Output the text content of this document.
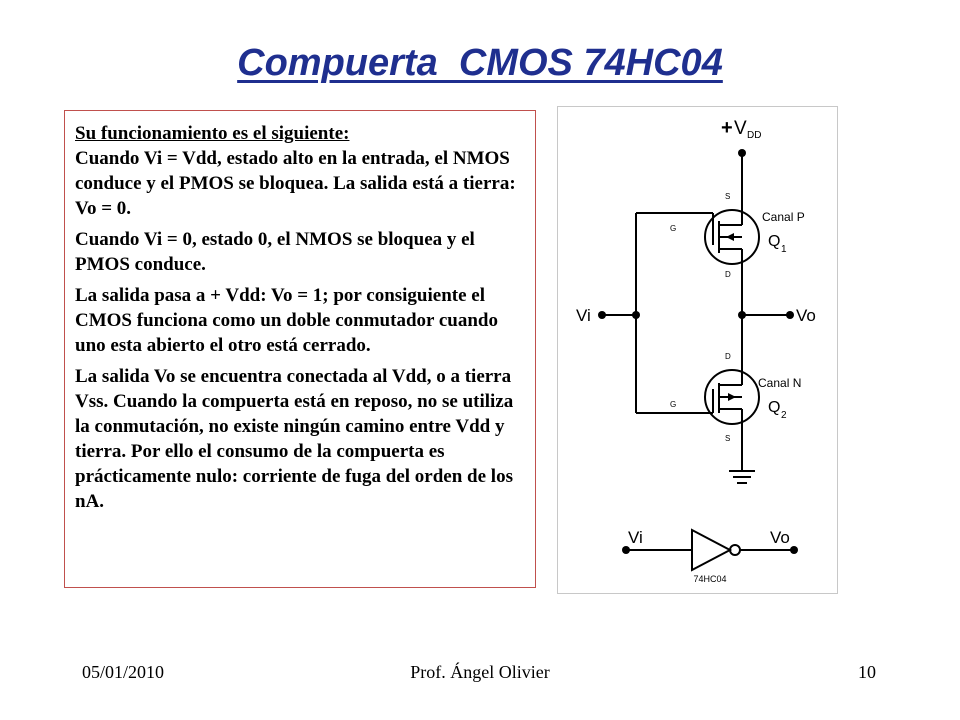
Compuerta  CMOS 74HC04

Su funcionamiento es el siguiente:
Cuando Vi = Vdd, estado alto en la entrada, el NMOS conduce y el PMOS se bloquea. La salida está a tierra: Vo = 0.

Cuando Vi = 0, estado 0, el NMOS se bloquea y el PMOS conduce.

La salida pasa a + Vdd: Vo = 1; por consiguiente el CMOS funciona como un doble conmutador cuando uno esta abierto el otro está cerrado.

La salida Vo se encuentra conectada al Vdd, o a tierra Vss. Cuando la compuerta está en reposo, no se utiliza la conmutación, no existe ningún camino entre Vdd y tierra. Por ello el consumo de la compuerta es prácticamente nulo: corriente de fuga del orden de los nA.

+ V DD
S
G
D
Canal P
Q 1
Vi	Vo
D
G
S
Canal N
Q 2
Vi	Vo
74HC04
05/01/2010	Prof. Ángel Olivier	10
